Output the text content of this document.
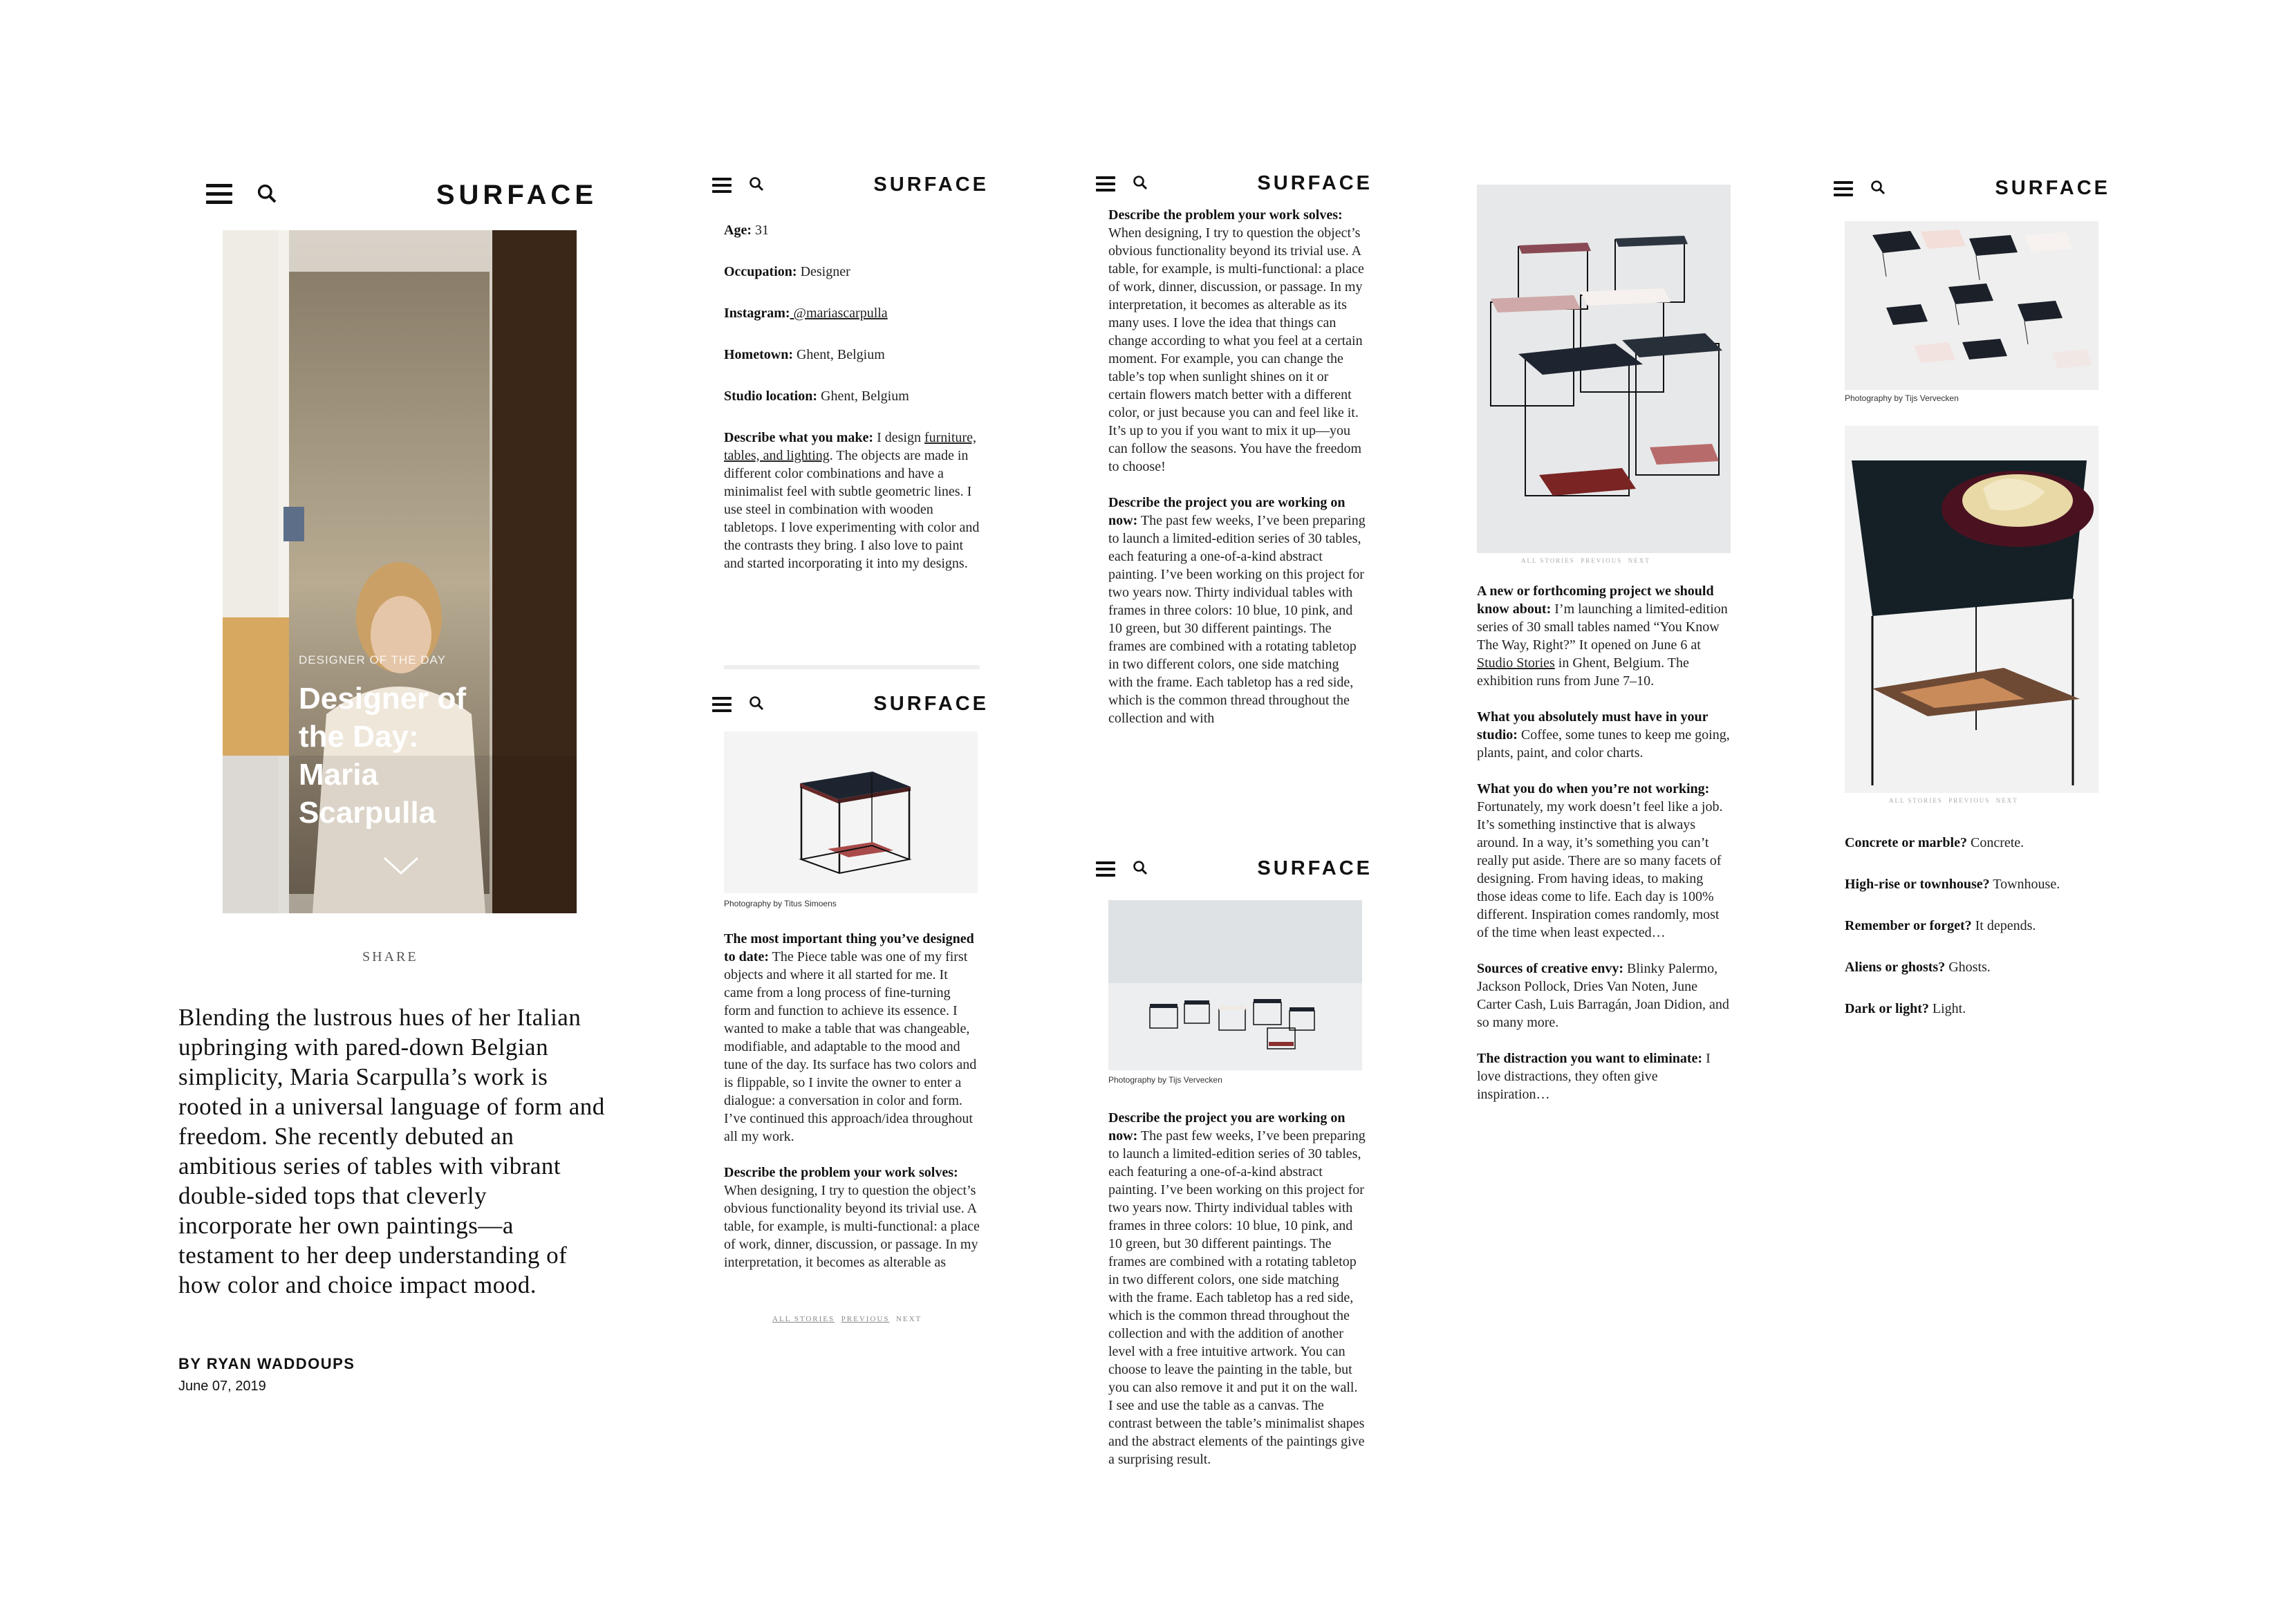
SURFACE
DESIGNER OF THE DAY
Designer of the Day: Maria Scarpulla
SHARE
Blending the lustrous hues of her Italian upbringing with pared-down Belgian simplicity, Maria Scarpulla’s work is rooted in a universal language of form and freedom. She recently debuted an ambitious series of tables with vibrant double-sided tops that cleverly incorporate her own paintings—a testament to her deep understanding of how color and choice impact mood.
BY RYAN WADDOUPS
June 07, 2019
SURFACE
Age: 31
Occupation: Designer
Instagram: @mariascarpulla
Hometown: Ghent, Belgium
Studio location: Ghent, Belgium
Describe what you make: I design furniture, tables, and lighting. The objects are made in different color combinations and have a minimalist feel with subtle geometric lines. I use steel in combination with wooden tabletops. I love experimenting with color and the contrasts they bring. I also love to paint and started incorporating it into my designs.
SURFACE
Photography by Titus Simoens
The most important thing you’ve designed to date: The Piece table was one of my first objects and where it all started for me. It came from a long process of fine-turning form and function to achieve its essence. I wanted to make a table that was changeable, modifiable, and adaptable to the mood and tune of the day. Its surface has two colors and is flippable, so I invite the owner to enter a dialogue: a conversation in color and form. I’ve continued this approach/idea throughout all my work.
Describe the problem your work solves: When designing, I try to question the object’s obvious functionality beyond its trivial use. A table, for example, is multi-functional: a place of work, dinner, discussion, or passage. In my interpretation, it becomes as alterable as
ALL STORIES PREVIOUS NEXT
SURFACE
Describe the problem your work solves: When designing, I try to question the object’s obvious functionality beyond its trivial use. A table, for example, is multi-functional: a place of work, dinner, discussion, or passage. In my interpretation, it becomes as alterable as its many uses. I love the idea that things can change according to what you feel at a certain moment. For example, you can change the table’s top when sunlight shines on it or certain flowers match better with a different color, or just because you can and feel like it. It’s up to you if you want to mix it up—you can follow the seasons. You have the freedom to choose!
Describe the project you are working on now: The past few weeks, I’ve been preparing to launch a limited-edition series of 30 tables, each featuring a one-of-a-kind abstract painting. I’ve been working on this project for two years now. Thirty individual tables with frames in three colors: 10 blue, 10 pink, and 10 green, but 30 different paintings. The frames are combined with a rotating tabletop in two different colors, one side matching with the frame. Each tabletop has a red side, which is the common thread throughout the collection and with
SURFACE
Photography by Tijs Vervecken
Describe the project you are working on now: The past few weeks, I’ve been preparing to launch a limited-edition series of 30 tables, each featuring a one-of-a-kind abstract painting. I’ve been working on this project for two years now. Thirty individual tables with frames in three colors: 10 blue, 10 pink, and 10 green, but 30 different paintings. The frames are combined with a rotating tabletop in two different colors, one side matching with the frame. Each tabletop has a red side, which is the common thread throughout the collection and with the addition of another level with a free intuitive artwork. You can choose to leave the painting in the table, but you can also remove it and put it on the wall. I see and use the table as a canvas. The contrast between the table’s minimalist shapes and the abstract elements of the paintings give a surprising result.
ALL STORIES PREVIOUS NEXT
A new or forthcoming project we should know about: I’m launching a limited-edition series of 30 small tables named “You Know The Way, Right?” It opened on June 6 at Studio Stories in Ghent, Belgium. The exhibition runs from June 7–10.
What you absolutely must have in your studio: Coffee, some tunes to keep me going, plants, paint, and color charts.
What you do when you’re not working: Fortunately, my work doesn’t feel like a job. It’s something instinctive that is always around. In a way, it’s something you can’t really put aside. There are so many facets of designing. From having ideas, to making those ideas come to life. Each day is 100% different. Inspiration comes randomly, most of the time when least expected…
Sources of creative envy: Blinky Palermo, Jackson Pollock, Dries Van Noten, June Carter Cash, Luis Barragán, Joan Didion, and so many more.
The distraction you want to eliminate: I love distractions, they often give inspiration…
SURFACE
Photography by Tijs Vervecken
ALL STORIES PREVIOUS NEXT
Concrete or marble? Concrete.
High-rise or townhouse? Townhouse.
Remember or forget? It depends.
Aliens or ghosts? Ghosts.
Dark or light? Light.
